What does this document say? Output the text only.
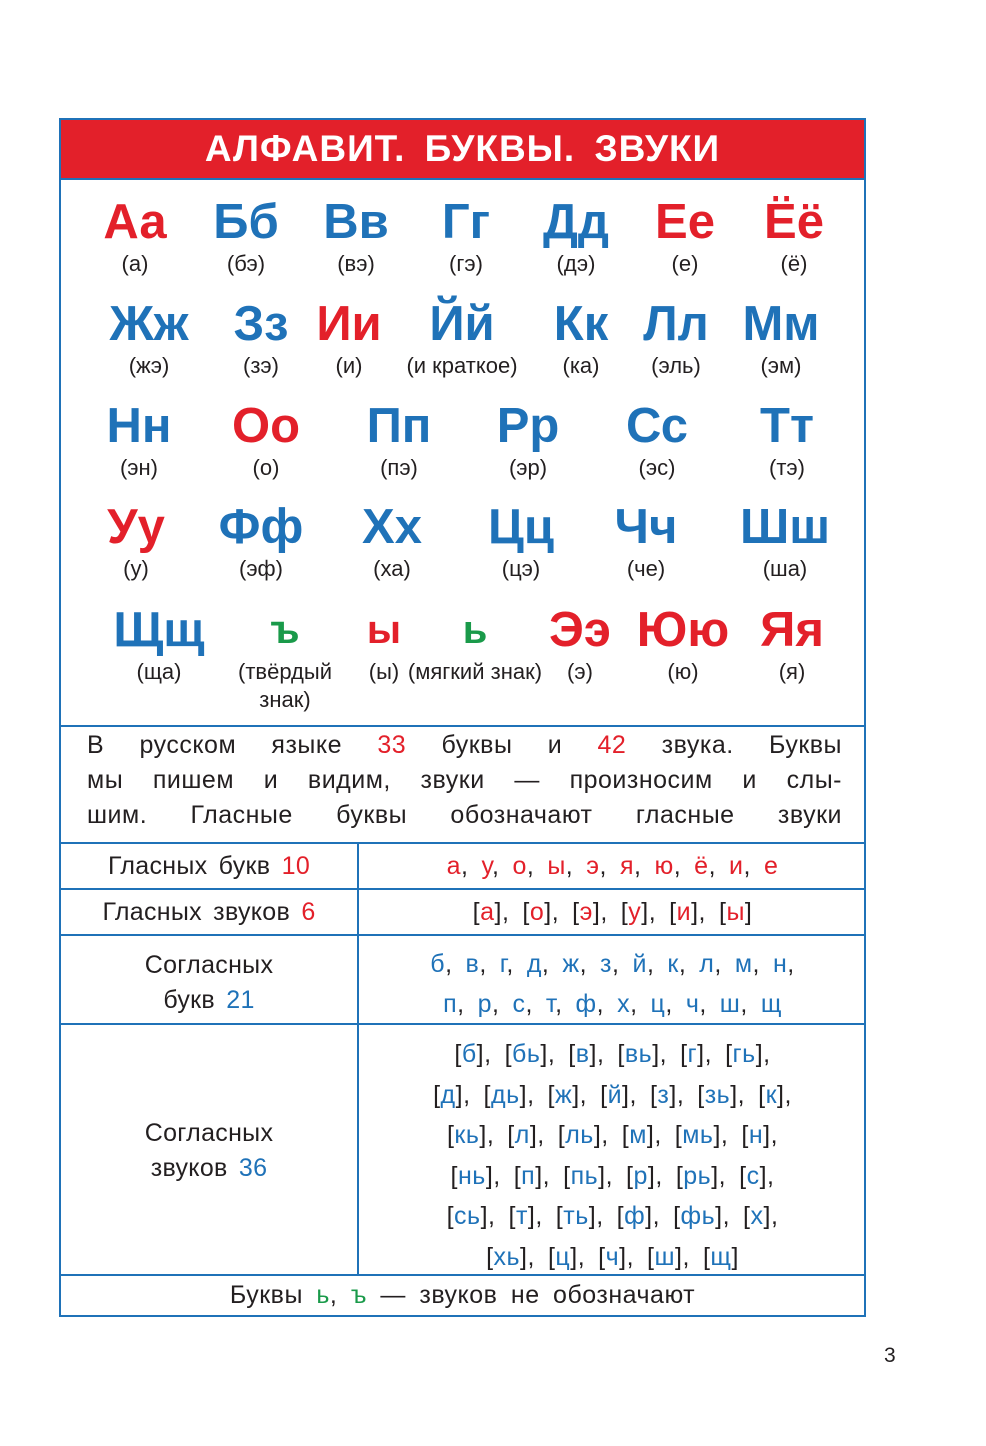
АЛФАВИТ. БУКВЫ. ЗВУКИ
Аа
(а)
Бб
(бэ)
Вв
(вэ)
Гг
(гэ)
Дд
(дэ)
Ее
(е)
Ёё
(ё)
Жж
(жэ)
Зз
(зэ)
Ии
(и)
Йй
(и краткое)
Кк
(ка)
Лл
(эль)
Мм
(эм)
Нн
(эн)
Оо
(о)
Пп
(пэ)
Рр
(эр)
Сс
(эс)
Тт
(тэ)
Уу
(у)
Фф
(эф)
Хх
(ха)
Цц
(цэ)
Чч
(че)
Шш
(ша)
Щщ
(ща)
ъ
(твёрдый знак)
ы
(ы)
ь
(мягкий знак)
Ээ
(э)
Юю
(ю)
Яя
(я)
В русском языке 33 буквы и 42 звука. Буквы
мы пишем и видим, звуки — произносим и слы-
шим. Гласные буквы обозначают гласные звуки
Гласных букв 10	а, у, о, ы, э, я, ю, ё, и, е
Гласных звуков 6	[а], [о], [э], [у], [и], [ы]
Согласных
букв 21
б, в, г, д, ж, з, й, к, л, м, н,
п, р, с, т, ф, х, ц, ч, ш, щ
Согласных
звуков 36
[б], [бь], [в], [вь], [г], [гь],
[д], [дь], [ж], [й], [з], [зь], [к],
[кь], [л], [ль], [м], [мь], [н],
[нь], [п], [пь], [р], [рь], [с],
[сь], [т], [ть], [ф], [фь], [х],
[хь], [ц], [ч], [ш], [щ]
Буквы ь, ъ — звуков не обозначают
3
